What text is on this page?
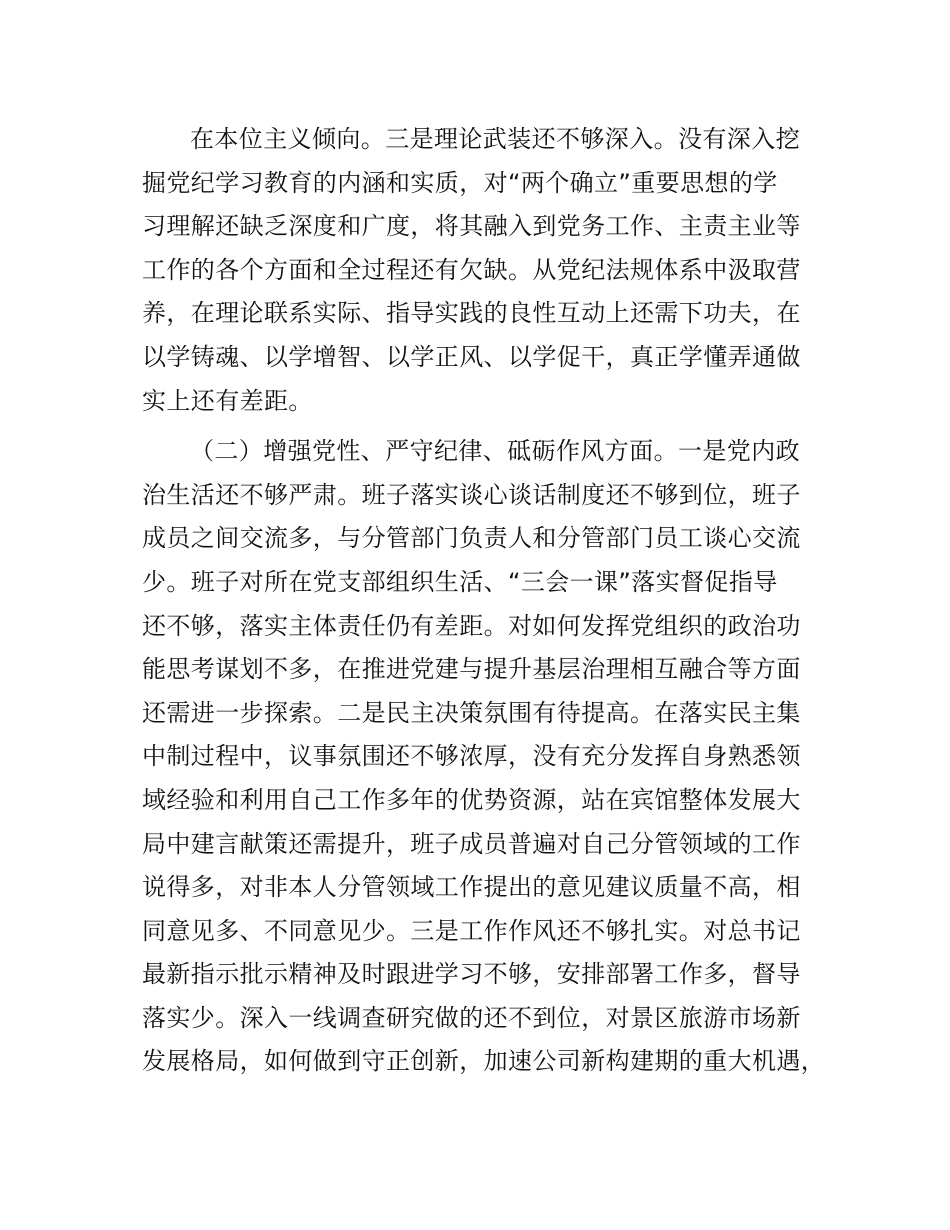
在本位主义倾向。三是理论武装还不够深入。没有深入挖
掘党纪学习教育的内涵和实质，对“两个确立”重要思想的学
习理解还缺乏深度和广度，将其融入到党务工作、主责主业等
工作的各个方面和全过程还有欠缺。从党纪法规体系中汲取营
养，在理论联系实际、指导实践的良性互动上还需下功夫，在
以学铸魂、以学增智、以学正风、以学促干，真正学懂弄通做
实上还有差距。
（二）增强党性、严守纪律、砥砺作风方面。一是党内政
治生活还不够严肃。班子落实谈心谈话制度还不够到位，班子
成员之间交流多，与分管部门负责人和分管部门员工谈心交流
少。班子对所在党支部组织生活、“三会一课”落实督促指导
还不够，落实主体责任仍有差距。对如何发挥党组织的政治功
能思考谋划不多，在推进党建与提升基层治理相互融合等方面
还需进一步探索。二是民主决策氛围有待提高。在落实民主集
中制过程中，议事氛围还不够浓厚，没有充分发挥自身熟悉领
域经验和利用自己工作多年的优势资源，站在宾馆整体发展大
局中建言献策还需提升，班子成员普遍对自己分管领域的工作
说得多，对非本人分管领域工作提出的意见建议质量不高，相
同意见多、不同意见少。三是工作作风还不够扎实。对总书记
最新指示批示精神及时跟进学习不够，安排部署工作多，督导
落实少。深入一线调查研究做的还不到位，对景区旅游市场新
发展格局，如何做到守正创新，加速公司新构建期的重大机遇，
